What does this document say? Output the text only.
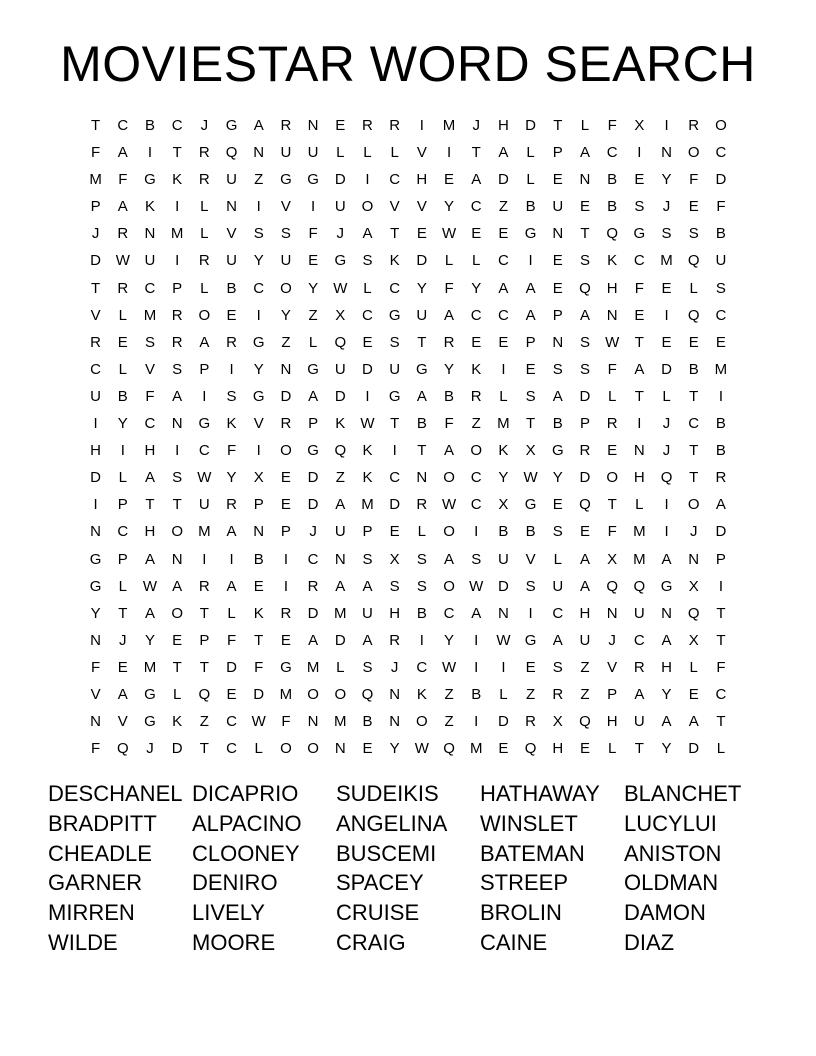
MOVIESTAR WORD SEARCH
T	C	B	C	J	G	A	R	N	E	R	R	I	M	J	H	D	T	L	F	X	I	R	O
F	A	I	T	R	Q	N	U	U	L	L	L	V	I	T	A	L	P	A	C	I	N	O	C
M	F	G	K	R	U	Z	G	G	D	I	C	H	E	A	D	L	E	N	B	E	Y	F	D
P	A	K	I	L	N	I	V	I	U	O	V	V	Y	C	Z	B	U	E	B	S	J	E	F
J	R	N	M	L	V	S	S	F	J	A	T	E	W	E	E	G	N	T	Q	G	S	S	B
D W U	I	R	U	Y	U	E	G	S	K	D	L	L	C	I	E	S	K	C	M	Q	U
T	R	C	P	L	B	C	O	Y	W	L	C	Y	F	Y	A	A	E	Q	H	F	E	L	S
V	L	M	R	O	E	I	Y	Z	X	C	G	U	A	C	C	A	P	A	N	E	I	Q	C
R	E	S	R	A	R	G	Z	L	Q	E	S	T	R	E	E	P	N	S	W	T	E	E	E
C	L	V	S	P	I	Y	N	G	U	D	U	G	Y	K	I	E	S	S	F	A	D	B	M
U	B	F	A	I	S	G	D	A	D	I	G	A	B	R	L	S	A	D	L	T	L	T	I
I	Y	C	N	G	K	V	R	P	K	W	T	B	F	Z	M	T	B	P	R	I	J	C	B
H	I	H	I	C	F	I	O	G	Q	K	I	T	A	O	K	X	G	R	E	N	J	T	B
D	L	A	S	W	Y	X	E	D	Z	K	C	N	O	C	Y	W	Y	D	O	H	Q	T	R
I	P	T	T	U	R	P	E	D	A	M	D	R W C	X	G	E	Q	T	L	I	O	A
N	C	H	O	M	A	N	P	J	U	P	E	L	O	I	B	B	S	E	F	M	I	J	D
G	P	A	N	I	I	B	I	C	N	S	X	S	A	S	U	V	L	A	X	M	A	N	P
G	L	W	A	R	A	E	I	R	A	A	S	S	O W D	S	U	A	Q	Q	G	X	I
Y	T	A	O	T	L	K	R	D	M	U	H	B	C	A	N	I	C	H	N	U	N	Q	T
N	J	Y	E	P	F	T	E	A	D	A	R	I	Y	I	W G	A	U	J	C	A	X	T
F	E	M	T	T	D	F	G	M	L	S	J	C W	I	I	E	S	Z	V	R	H	L	F
V	A	G	L	Q	E	D	M	O	O	Q	N	K	Z	B	L	Z	R	Z	P	A	Y	E	C
N	V	G	K	Z	C W	F	N	M	B	N	O	Z	I	D	R	X	Q	H	U	A	A	T
F	Q	J	D	T	C	L	O	O	N	E	Y	W Q	M	E	Q	H	E	L	T	Y	D	L
DESCHANEL DICAPRIO	SUDEIKIS	HATHAWAY	BLANCHET
BRADPITT	ALPACINO	ANGELINA	WINSLET	LUCYLUI
CHEADLE	CLOONEY	BUSCEMI	BATEMAN	ANISTON
GARNER	DENIRO	SPACEY	STREEP	OLDMAN
MIRREN	LIVELY	CRUISE	BROLIN	DAMON
WILDE	MOORE	CRAIG	CAINE	DIAZ
